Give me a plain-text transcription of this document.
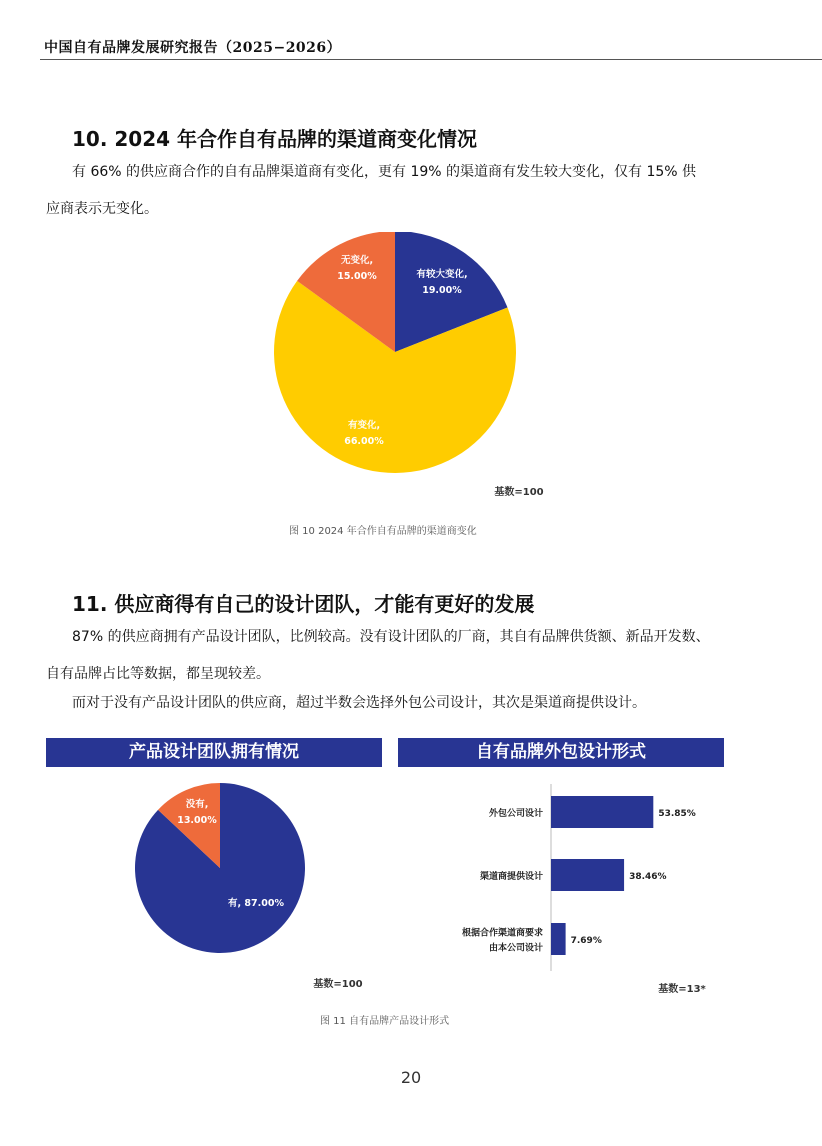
中国自有品牌发展研究报告（2025−2026）
10. 2024 年合作自有品牌的渠道商变化情况
有 66% 的供应商合作的自有品牌渠道商有变化，更有 19% 的渠道商有发生较大变化，仅有 15% 供
应商表示无变化。
有较大变化,
19.00%
有变化,
66.00%
无变化,
15.00%
基数=100
图 10 2024 年合作自有品牌的渠道商变化
11. 供应商得有自己的设计团队，才能有更好的发展
87% 的供应商拥有产品设计团队，比例较高。没有设计团队的厂商，其自有品牌供货额、新品开发数、
自有品牌占比等数据，都呈现较差。
而对于没有产品设计团队的供应商，超过半数会选择外包公司设计，其次是渠道商提供设计。
产品设计团队拥有情况	自有品牌外包设计形式
有, 87.00%
没有,
13.00%
基数=100
外包公司设计	53.85%
渠道商提供设计	38.46%
根据合作渠道商要求
由本公司设计
7.69%
基数=13*
图 11 自有品牌产品设计形式
20
